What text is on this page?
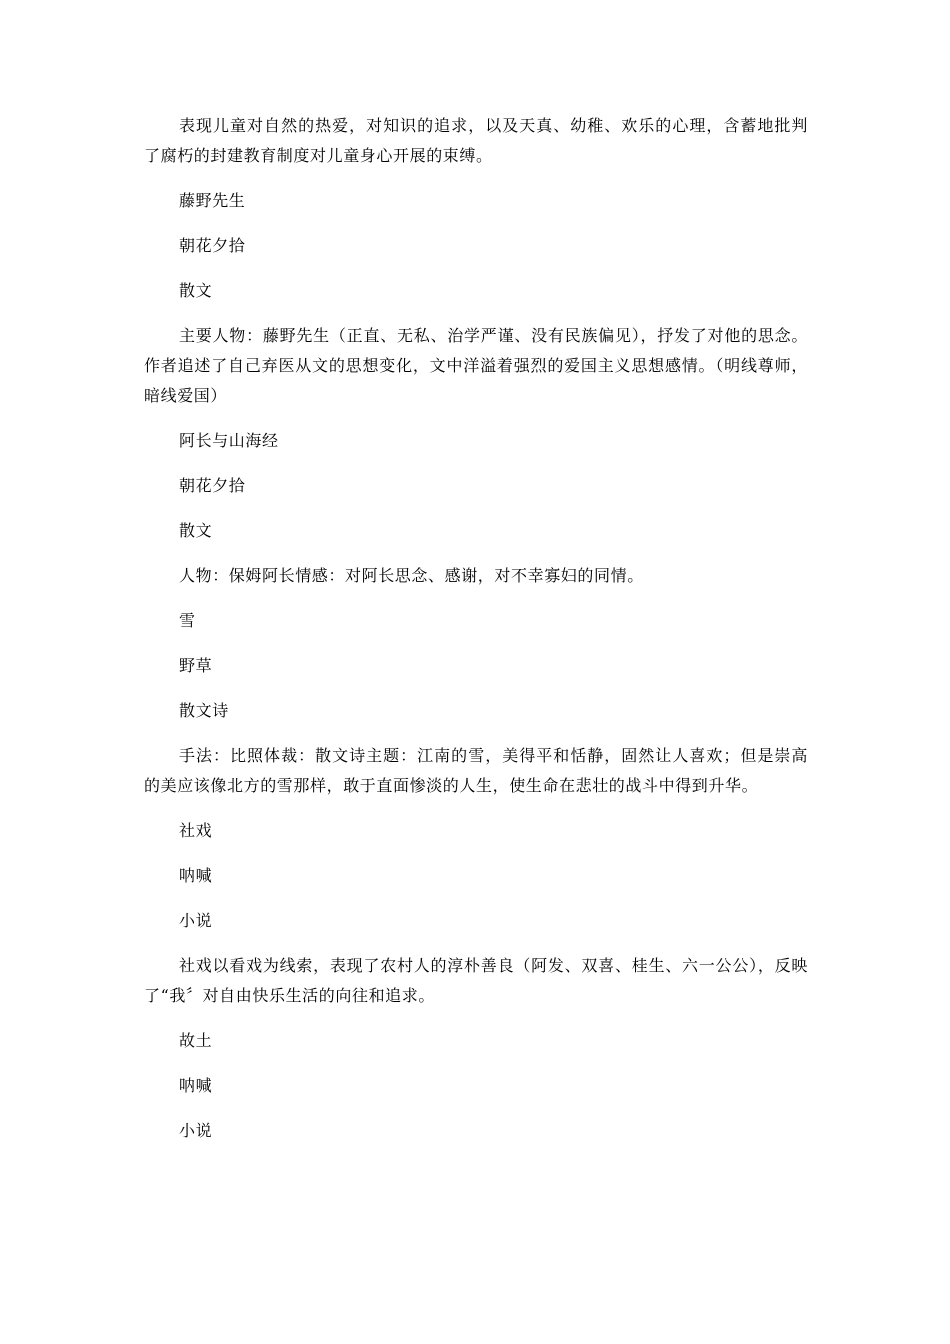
表现儿童对自然的热爱，对知识的追求，以及天真、幼稚、欢乐的心理，含蓄地批判了腐朽的封建教育制度对儿童身心开展的束缚。

藤野先生

朝花夕拾

散文

主要人物：藤野先生（正直、无私、治学严谨、没有民族偏见），抒发了对他的思念。作者追述了自己弃医从文的思想变化，文中洋溢着强烈的爱国主义思想感情。（明线尊师，暗线爱国）

阿长与山海经

朝花夕拾

散文

人物：保姆阿长情感：对阿长思念、感谢，对不幸寡妇的同情。

雪

野草

散文诗

手法：比照体裁：散文诗主题：江南的雪，美得平和恬静，固然让人喜欢；但是崇高的美应该像北方的雪那样，敢于直面惨淡的人生，使生命在悲壮的战斗中得到升华。

社戏

呐喊

小说

社戏以看戏为线索，表现了农村人的淳朴善良（阿发、双喜、桂生、六一公公），反映了“我〞对自由快乐生活的向往和追求。

故土

呐喊

小说
